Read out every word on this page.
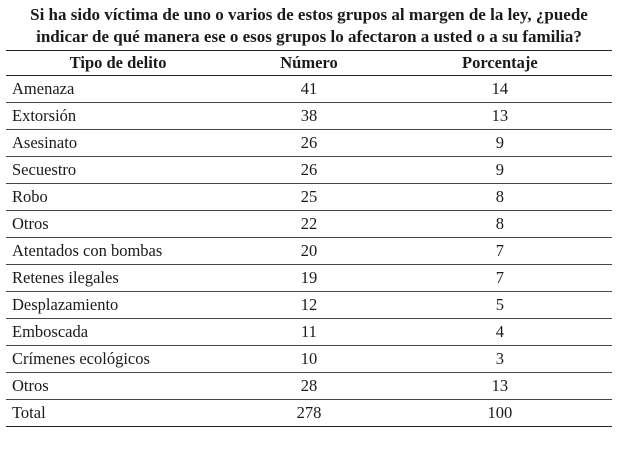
Si ha sido víctima de uno o varios de estos grupos al margen de la ley, ¿puede indicar de qué manera ese o esos grupos lo afectaron a usted o a su familia?
Tipo de delito	Número	Porcentaje
Amenaza	41	14
Extorsión	38	13
Asesinato	26	9
Secuestro	26	9
Robo	25	8
Otros	22	8
Atentados con bombas	20	7
Retenes ilegales	19	7
Desplazamiento	12	5
Emboscada	11	4
Crímenes ecológicos	10	3
Otros	28	13
Total	278	100
